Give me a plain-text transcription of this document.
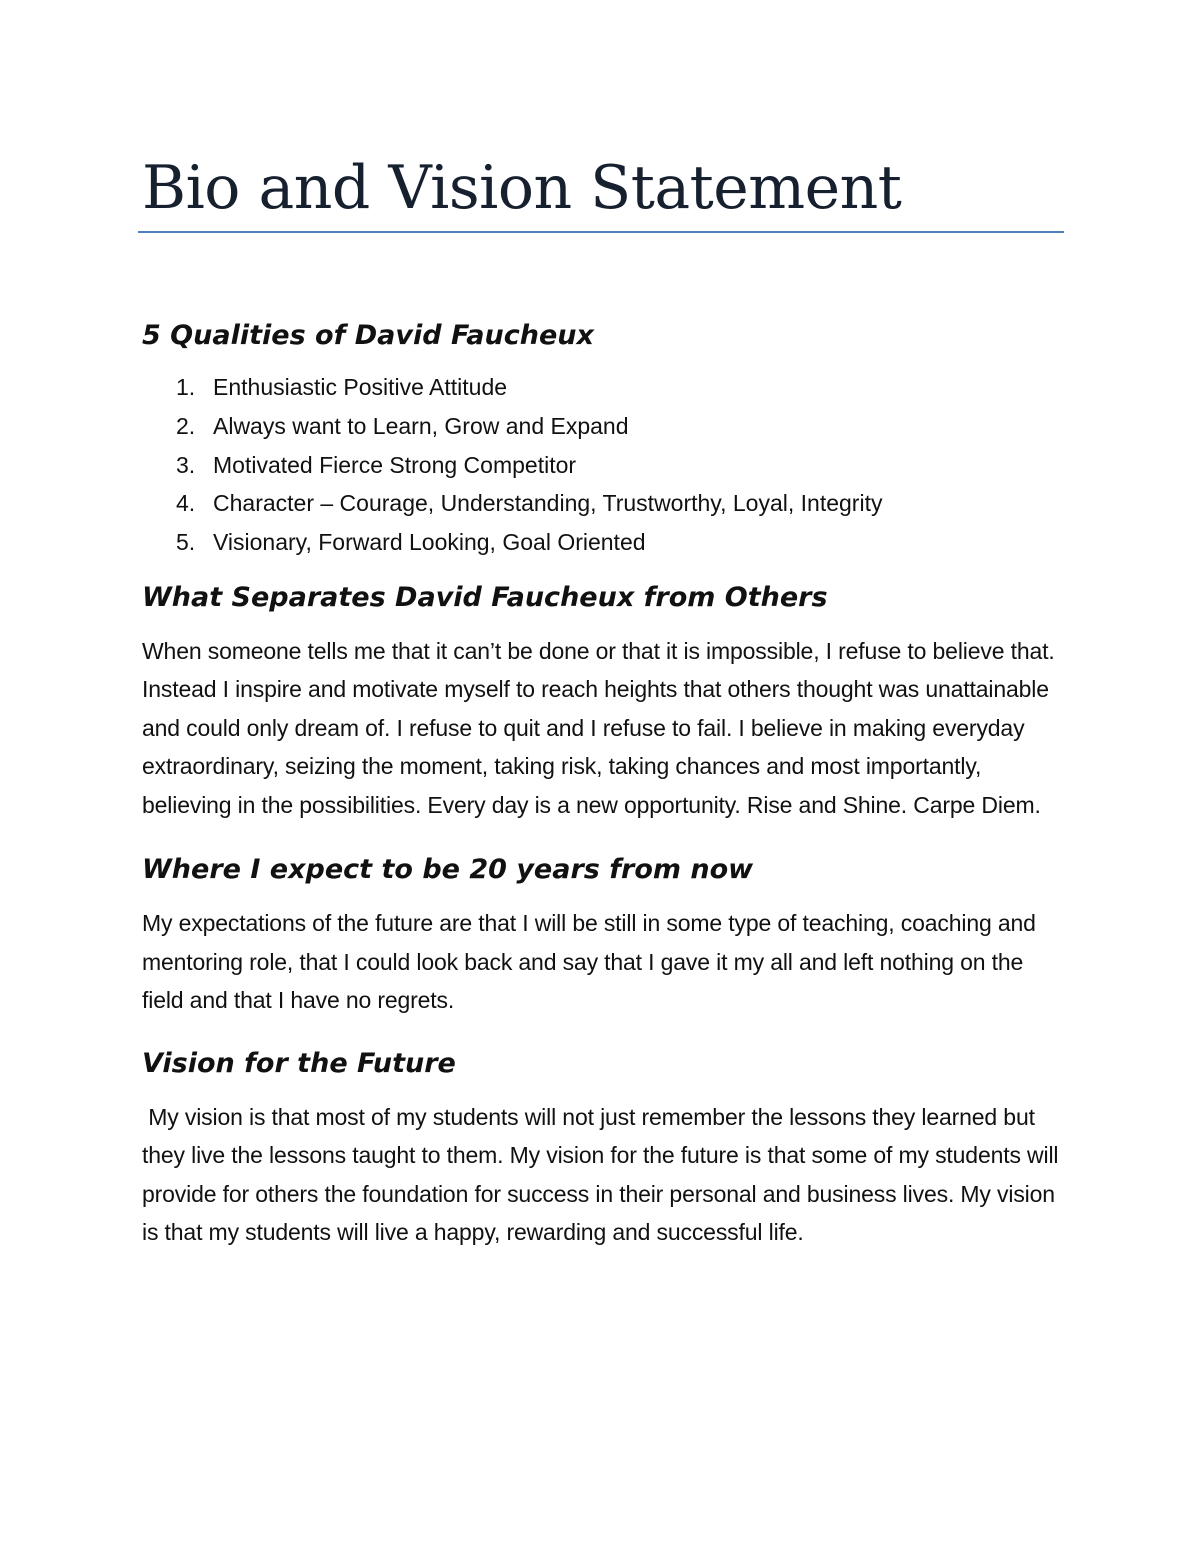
Bio and Vision Statement
5 Qualities of David Faucheux
1. Enthusiastic Positive Attitude
2. Always want to Learn, Grow and Expand
3. Motivated Fierce Strong Competitor
4. Character – Courage, Understanding, Trustworthy, Loyal, Integrity
5. Visionary, Forward Looking, Goal Oriented
What Separates David Faucheux from Others

When someone tells me that it can’t be done or that it is impossible, I refuse to believe that. Instead I inspire and motivate myself to reach heights that others thought was unattainable and could only dream of. I refuse to quit and I refuse to fail. I believe in making everyday extraordinary, seizing the moment, taking risk, taking chances and most importantly, believing in the possibilities. Every day is a new opportunity. Rise and Shine. Carpe Diem.

Where I expect to be 20 years from now

My expectations of the future are that I will be still in some type of teaching, coaching and mentoring role, that I could look back and say that I gave it my all and left nothing on the field and that I have no regrets.

Vision for the Future

My vision is that most of my students will not just remember the lessons they learned but they live the lessons taught to them. My vision for the future is that some of my students will provide for others the foundation for success in their personal and business lives. My vision is that my students will live a happy, rewarding and successful life.
